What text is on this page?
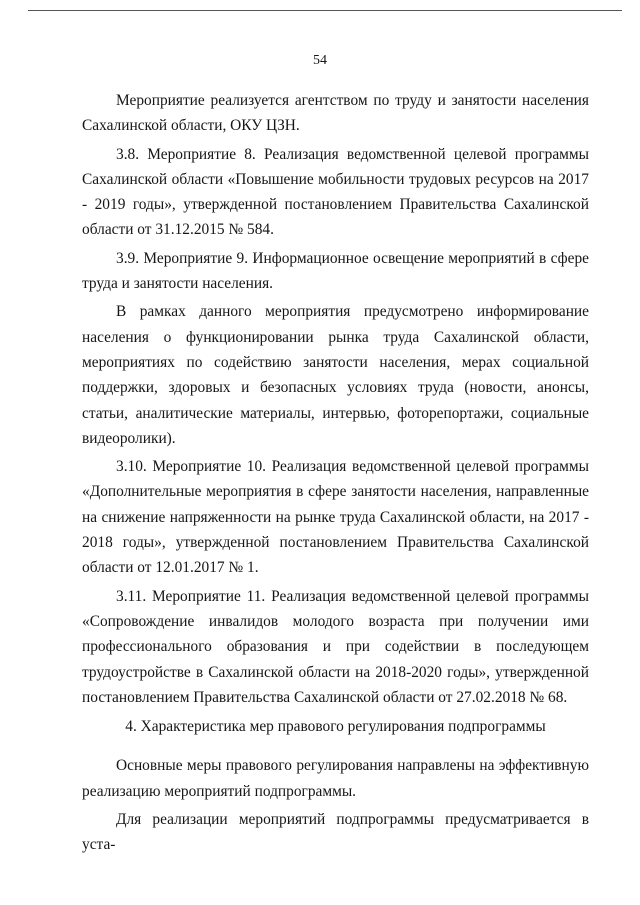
54

Мероприятие реализуется агентством по труду и занятости населения Сахалинской области, ОКУ ЦЗН.

3.8. Мероприятие 8. Реализация ведомственной целевой программы Сахалинской области «Повышение мобильности трудовых ресурсов на 2017 - 2019 годы», утвержденной постановлением Правительства Сахалинской области от 31.12.2015 № 584.

3.9. Мероприятие 9. Информационное освещение мероприятий в сфере труда и занятости населения.

В рамках данного мероприятия предусмотрено информирование населения о функционировании рынка труда Сахалинской области, мероприятиях по содействию занятости населения, мерах социальной поддержки, здоровых и безопасных условиях труда (новости, анонсы, статьи, аналитические материалы, интервью, фоторепортажи, социальные видеоролики).

3.10. Мероприятие 10. Реализация ведомственной целевой программы «Дополнительные мероприятия в сфере занятости населения, направленные на снижение напряженности на рынке труда Сахалинской области, на 2017 - 2018 годы», утвержденной постановлением Правительства Сахалинской области от 12.01.2017 № 1.

3.11. Мероприятие 11. Реализация ведомственной целевой программы «Сопровождение инвалидов молодого возраста при получении ими профессионального образования и при содействии в последующем трудоустройстве в Сахалинской области на 2018-2020 годы», утвержденной постановлением Правительства Сахалинской области от 27.02.2018 № 68.

4. Характеристика мер правового регулирования подпрограммы

Основные меры правового регулирования направлены на эффективную реализацию мероприятий подпрограммы.

Для реализации мероприятий подпрограммы предусматривается в уста-
